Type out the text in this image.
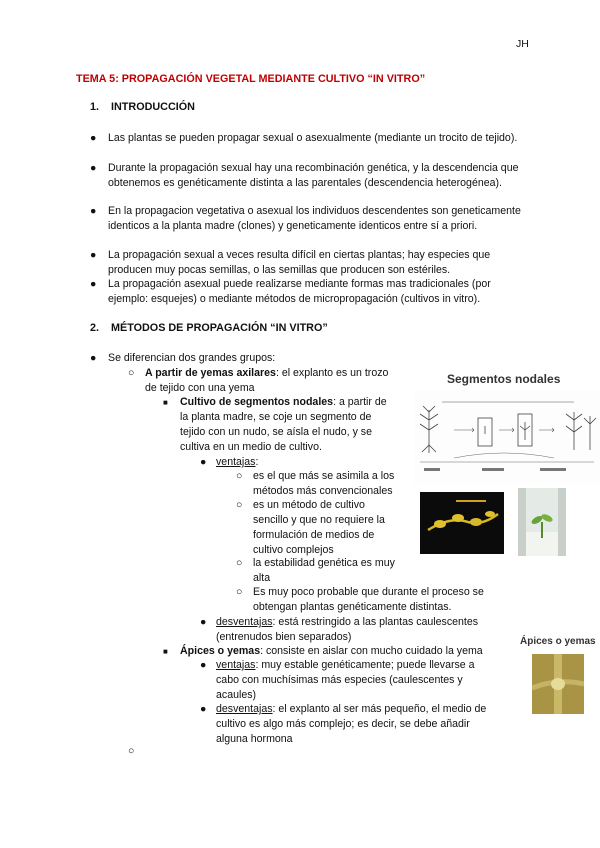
JH
TEMA 5: PROPAGACIÓN VEGETAL MEDIANTE CULTIVO “IN VITRO”
1. INTRODUCCIÓN
● Las plantas se pueden propagar sexual o asexualmente (mediante un trocito de tejido).
● Durante la propagación sexual hay una recombinación genética, y la descendencia que obtenemos es genéticamente distinta a las parentales (descendencia heterogénea).
● En la propagacion vegetativa o asexual los individuos descendentes son geneticamente identicos a la planta madre (clones) y geneticamente identicos entre sí a priori.
● La propagación sexual a veces resulta difícil en ciertas plantas; hay especies que producen muy pocas semillas, o las semillas que producen son estériles.
● La propagación asexual puede realizarse mediante formas mas tradicionales (por ejemplo: esquejes) o mediante métodos de micropropagación (cultivos in vitro).
2. MÉTODOS DE PROPAGACIÓN “IN VITRO”
● Se diferencian dos grandes grupos:
○ A partir de yemas axilares: el explanto es un trozo
de tejido con una yema
■ Cultivo de segmentos nodales: a partir de
la planta madre, se coje un segmento de
tejido con un nudo, se aísla el nudo, y se
cultiva en un medio de cultivo.
● ventajas:
○ es el que más se asimila a los
métodos más convencionales
○ es un método de cultivo
sencillo y que no requiere la
formulación de medios de
cultivo complejos
○ la estabilidad genética es muy
alta
○ Es muy poco probable que durante el proceso se
obtengan plantas genéticamente distintas.
● desventajas: está restringido a las plantas caulescentes
(entrenudos bien separados)
■ Ápices o yemas: consiste en aislar con mucho cuidado la yema
● ventajas: muy estable genéticamente; puede llevarse a
cabo con muchísimas más especies (caulescentes y
acaules)
● desventajas: el explanto al ser más pequeño, el medio de
cultivo es algo más complejo; es decir, se debe añadir
alguna hormona
○
Segmentos nodales
Ápices o yemas
